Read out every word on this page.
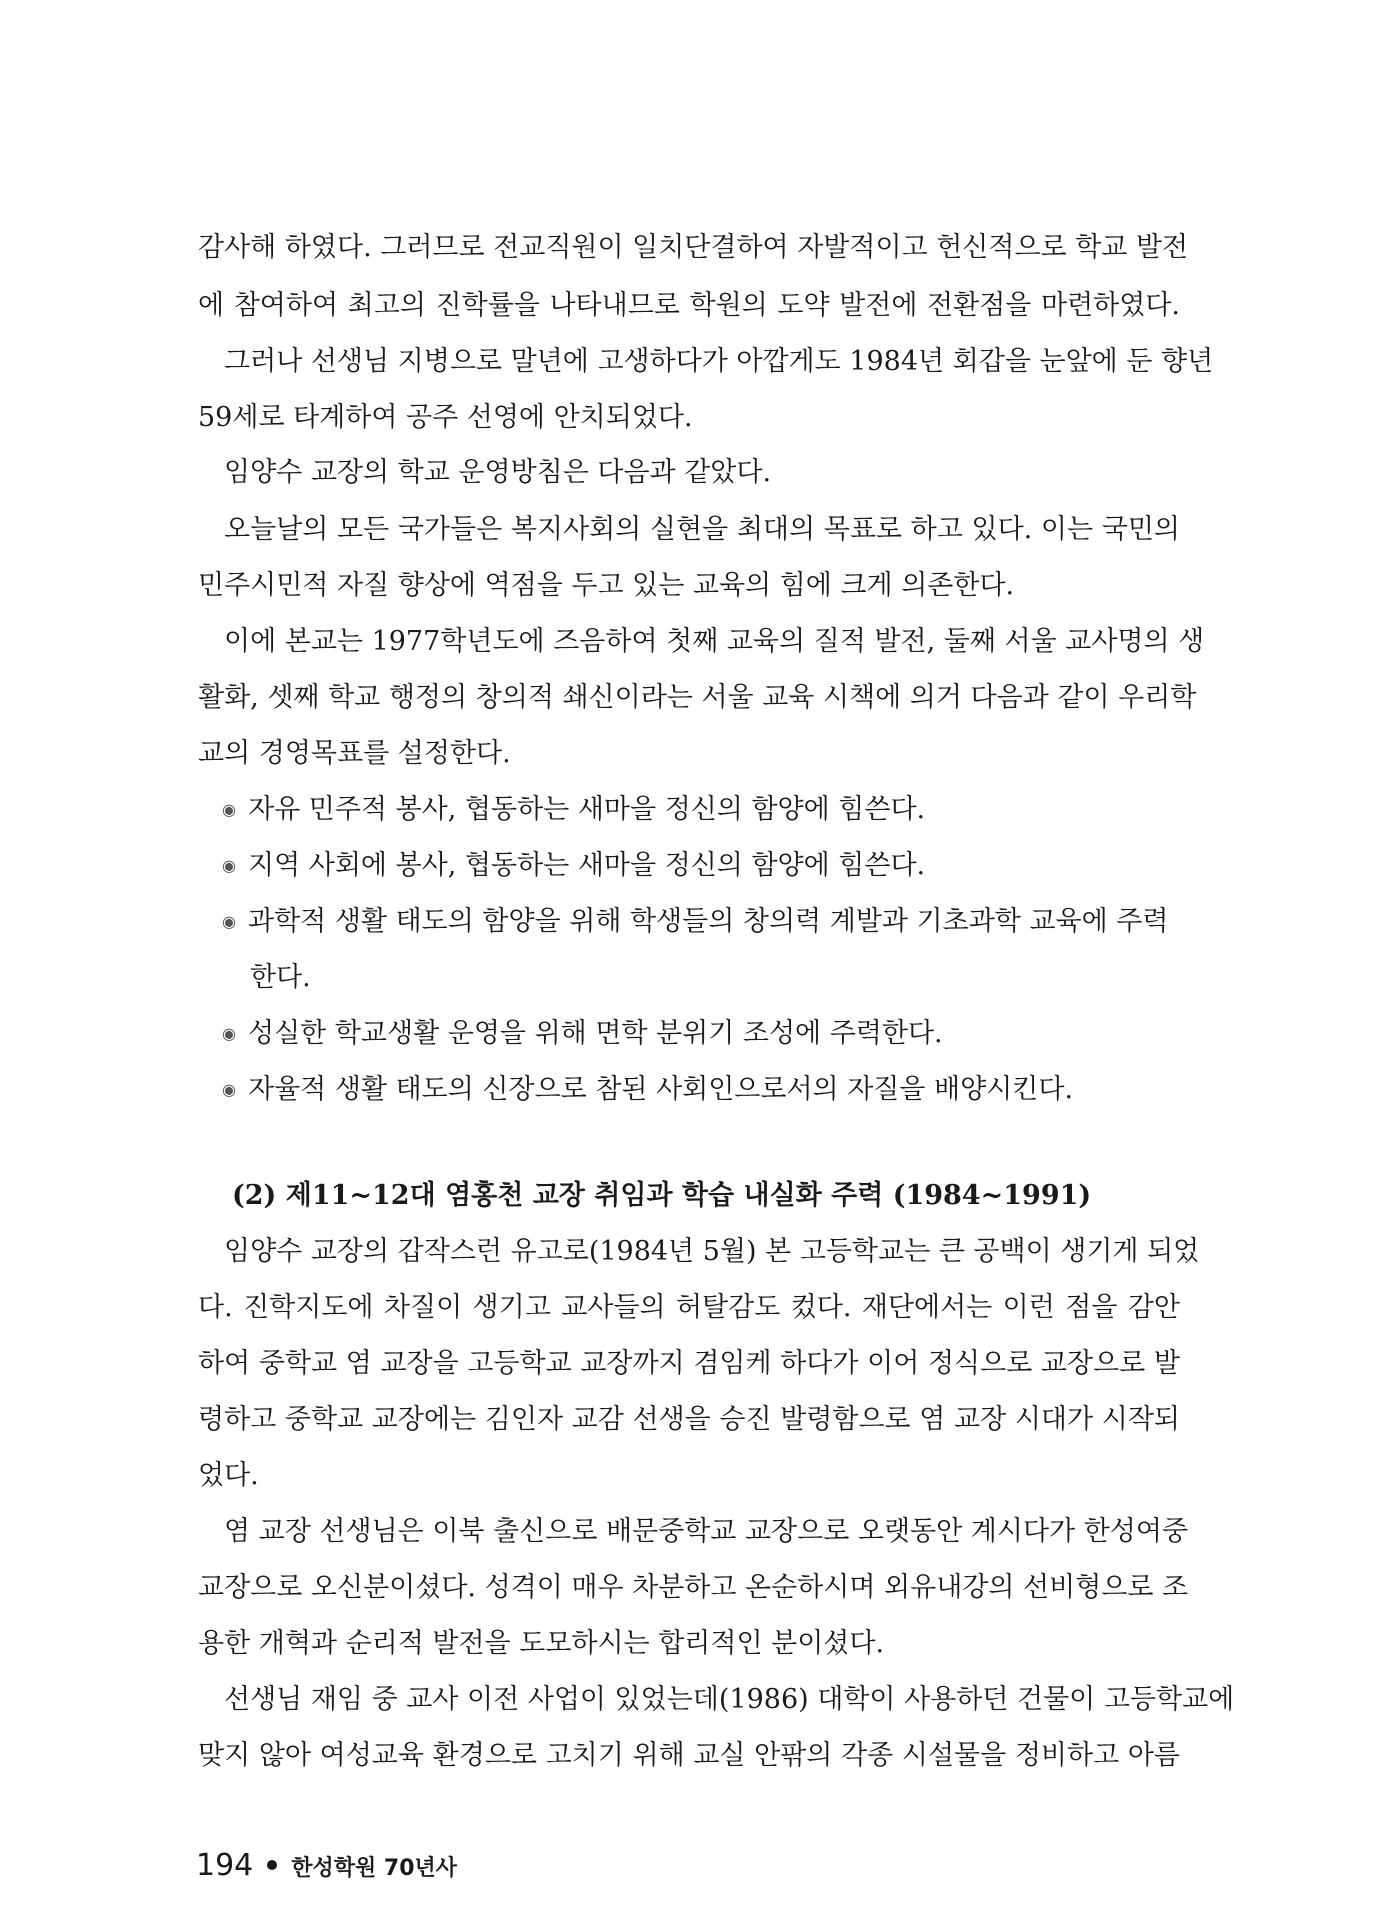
감사해 하였다. 그러므로 전교직원이 일치단결하여 자발적이고 헌신적으로 학교 발전
에 참여하여 최고의 진학률을 나타내므로 학원의 도약 발전에 전환점을 마련하였다.
그러나 선생님 지병으로 말년에 고생하다가 아깝게도 1984년 회갑을 눈앞에 둔 향년
59세로 타계하여 공주 선영에 안치되었다.
임양수 교장의 학교 운영방침은 다음과 같았다.
오늘날의 모든 국가들은 복지사회의 실현을 최대의 목표로 하고 있다. 이는 국민의
민주시민적 자질 향상에 역점을 두고 있는 교육의 힘에 크게 의존한다.
이에 본교는 1977학년도에 즈음하여 첫째 교육의 질적 발전, 둘째 서울 교사명의 생
활화, 셋째 학교 행정의 창의적 쇄신이라는 서울 교육 시책에 의거 다음과 같이 우리학
교의 경영목표를 설정한다.
◉ 자유 민주적 봉사, 협동하는 새마을 정신의 함양에 힘쓴다.
◉ 지역 사회에 봉사, 협동하는 새마을 정신의 함양에 힘쓴다.
◉ 과학적 생활 태도의 함양을 위해 학생들의 창의력 계발과 기초과학 교육에 주력
한다.
◉ 성실한 학교생활 운영을 위해 면학 분위기 조성에 주력한다.
◉ 자율적 생활 태도의 신장으로 참된 사회인으로서의 자질을 배양시킨다.
(2) 제11~12대 염홍천 교장 취임과 학습 내실화 주력 (1984~1991)
임양수 교장의 갑작스런 유고로(1984년 5월) 본 고등학교는 큰 공백이 생기게 되었
다. 진학지도에 차질이 생기고 교사들의 허탈감도 컸다. 재단에서는 이런 점을 감안
하여 중학교 염 교장을 고등학교 교장까지 겸임케 하다가 이어 정식으로 교장으로 발
령하고 중학교 교장에는 김인자 교감 선생을 승진 발령함으로 염 교장 시대가 시작되
었다.
염 교장 선생님은 이북 출신으로 배문중학교 교장으로 오랫동안 계시다가 한성여중
교장으로 오신분이셨다. 성격이 매우 차분하고 온순하시며 외유내강의 선비형으로 조
용한 개혁과 순리적 발전을 도모하시는 합리적인 분이셨다.
선생님 재임 중 교사 이전 사업이 있었는데(1986) 대학이 사용하던 건물이 고등학교에
맞지 않아 여성교육 환경으로 고치기 위해 교실 안팎의 각종 시설물을 정비하고 아름
194 한성학원 70년사
